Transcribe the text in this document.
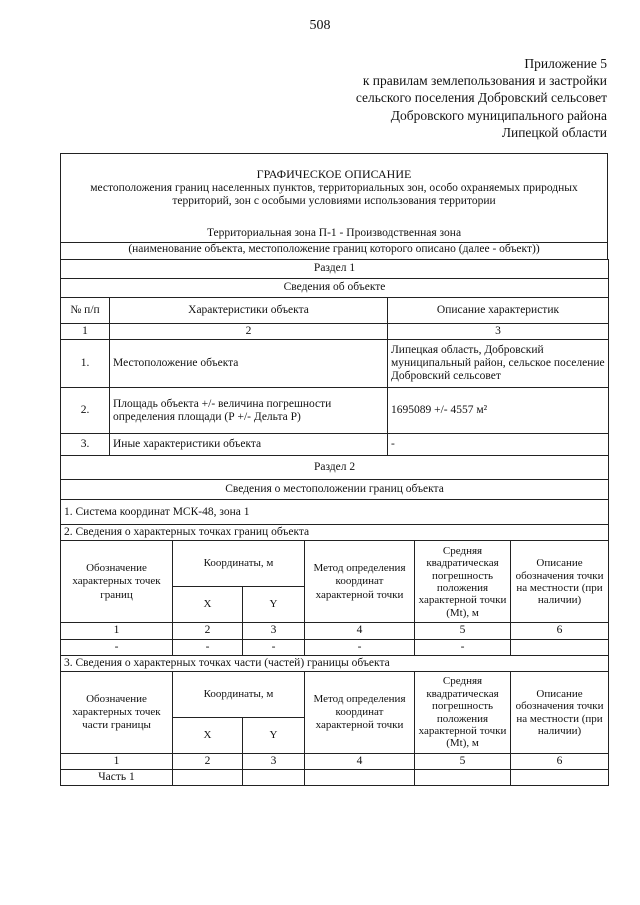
508
Приложение 5
к правилам землепользования и застройки
сельского поселения Добровский сельсовет
Добровского муниципального района
Липецкой области
ГРАФИЧЕСКОЕ ОПИСАНИЕ
местоположения границ населенных пунктов, территориальных зон, особо охраняемых природных территорий, зон с особыми условиями использования территории

Территориальная зона П-1 - Производственная зона
(наименование объекта, местоположение границ которого описано (далее - объект))
Раздел 1		
Сведения об объекте		
№ п/п	Характеристики объекта	Описание характеристик
1	2	3
1.	Местоположение объекта	Липецкая область, Добровский муниципальный район, сельское поселение Добровский сельсовет
2.	Площадь объекта +/- величина погрешности определения площади (Р +/- Дельта Р)	1695089 +/- 4557 м²
3.	Иные характеристики объекта	-
Раздел 2					
Сведения о местоположении границ объекта					
1. Система координат МСК-48, зона 1					
2. Сведения о характерных точках границ объекта					
Обозначение характерных точек границ	Координаты, м		Метод определения координат характерной точки	Средняя квадратическая погрешность положения характерной точки (Mt), м	Описание обозначения точки на местности (при наличии)
	X	Y			
1	2	3	4	5	6
-	-	-	-	-	
3. Сведения о характерных точках части (частей) границы объекта					
Обозначение характерных точек части границы	Координаты, м		Метод определения координат характерной точки	Средняя квадратическая погрешность положения характерной точки (Mt), м	Описание обозначения точки на местности (при наличии)
	X	Y			
1	2	3	4	5	6
Часть 1					
